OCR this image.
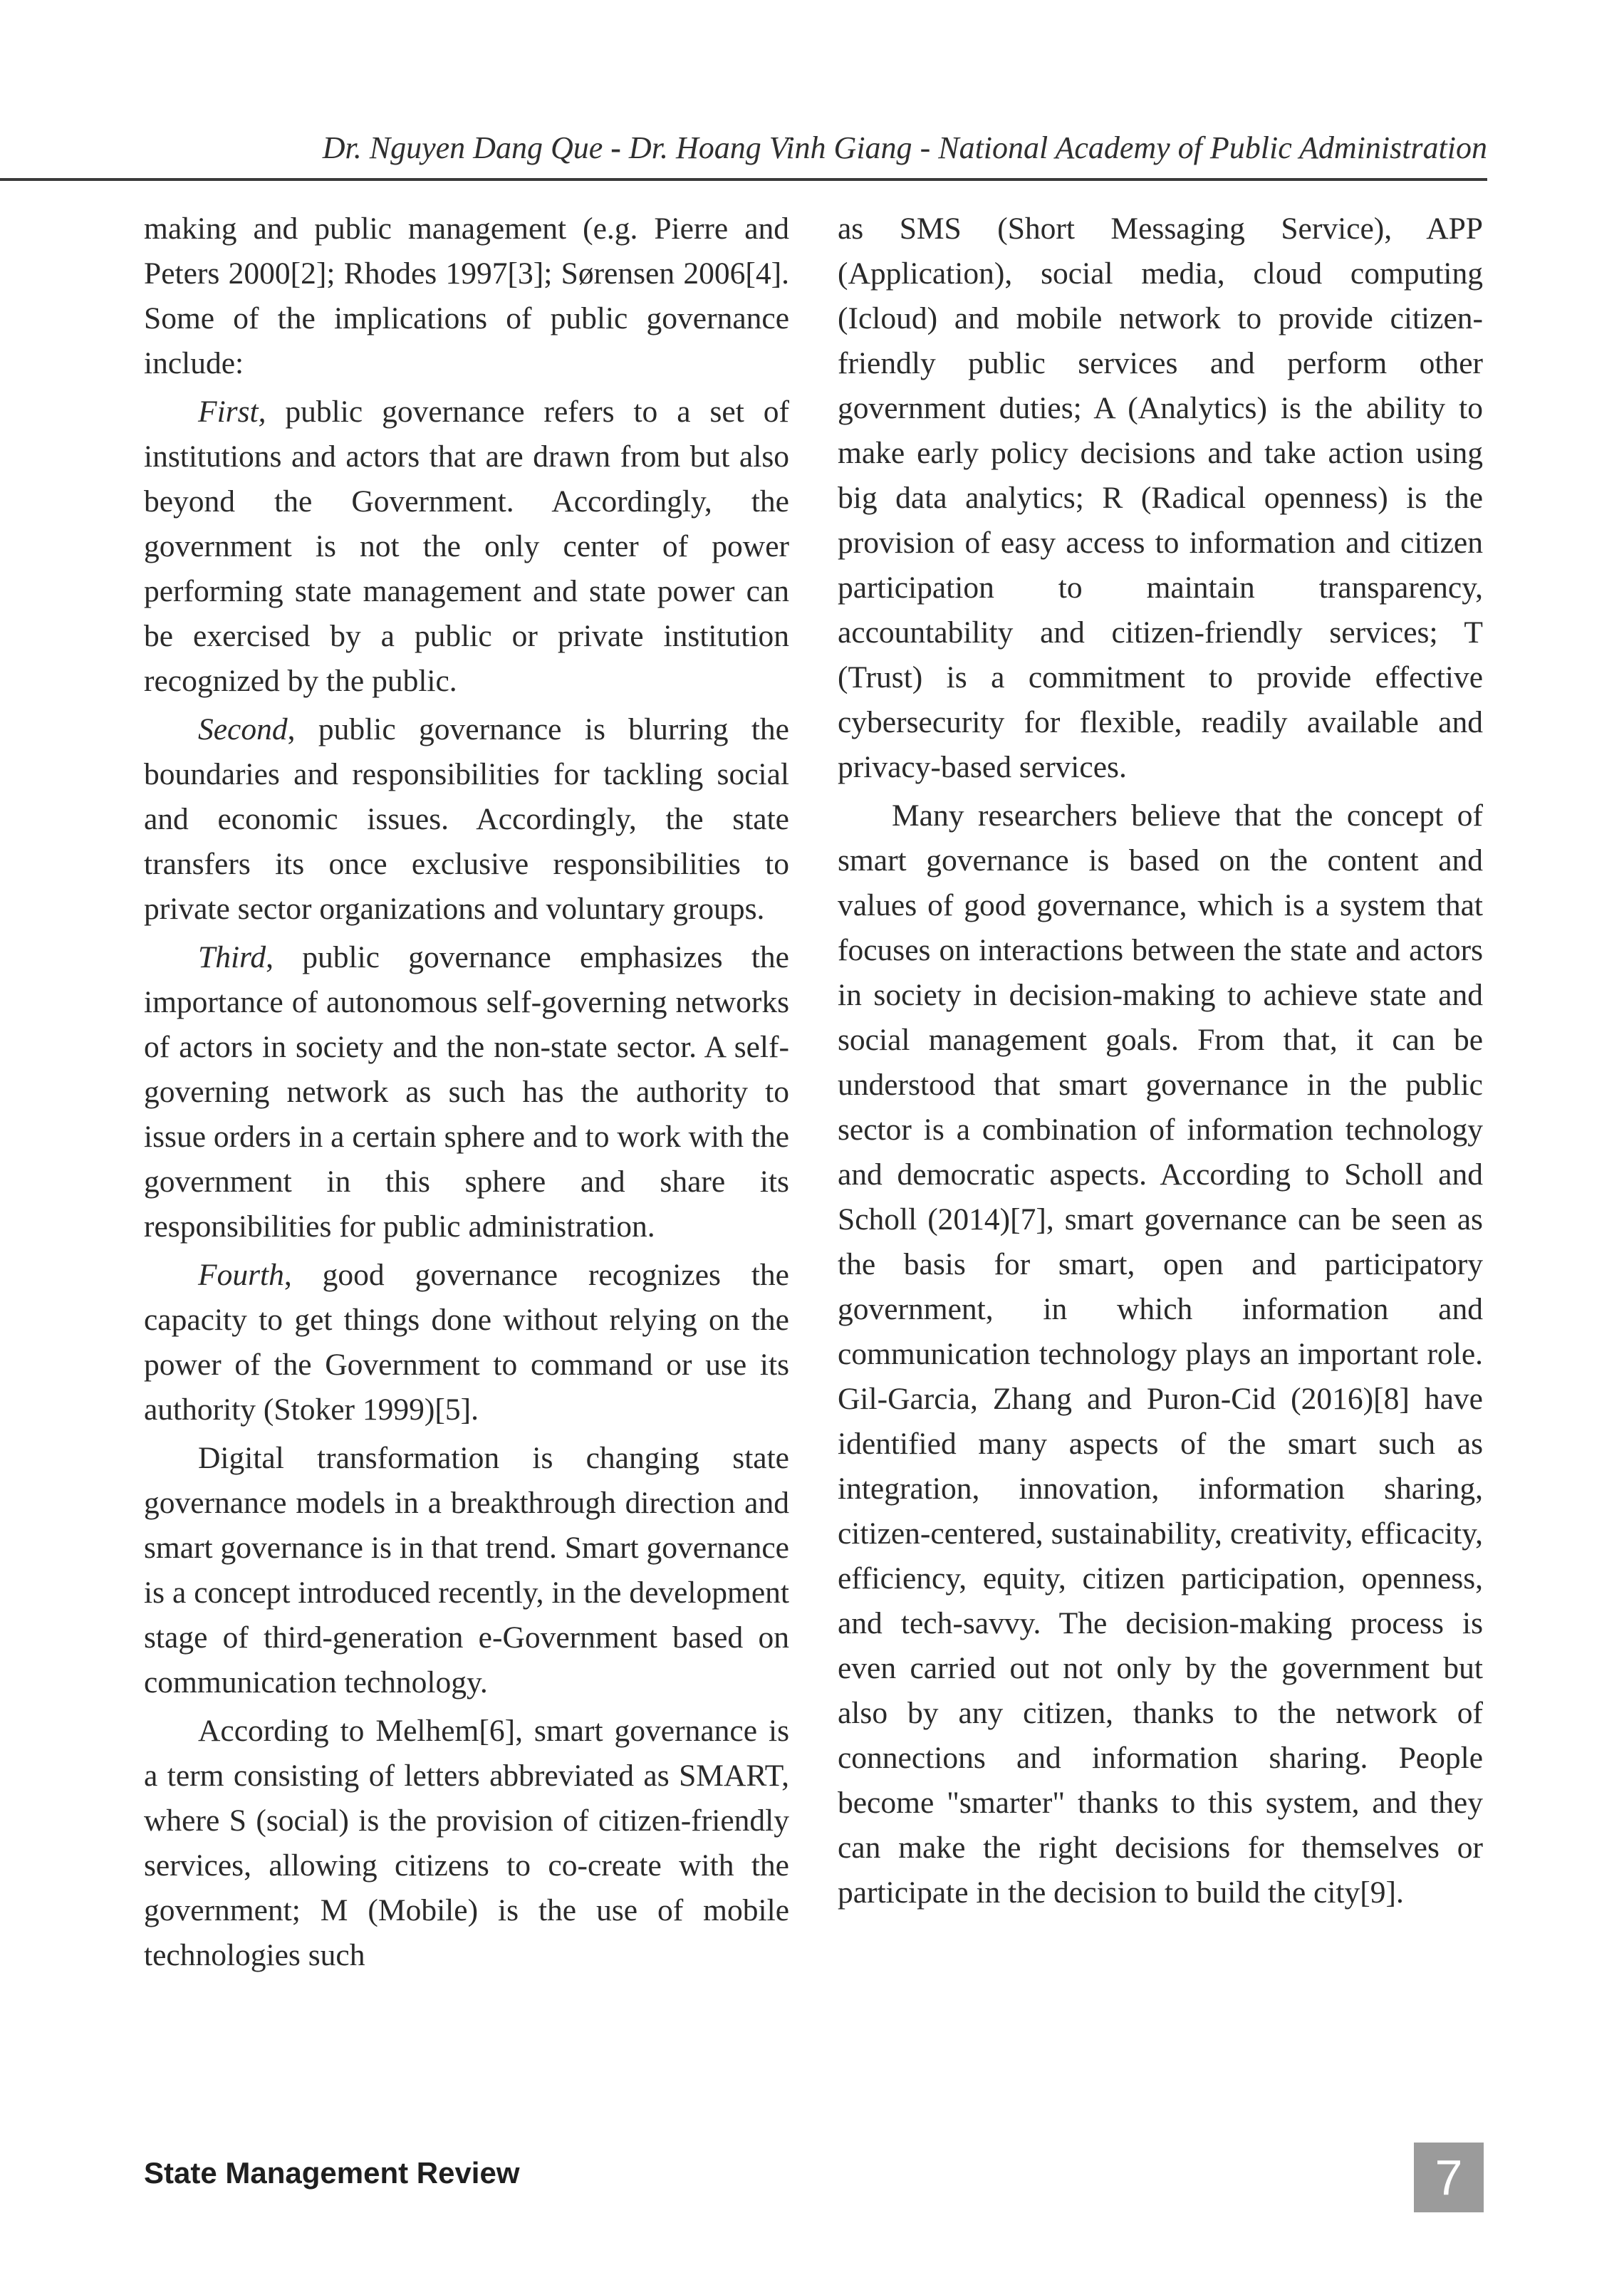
Dr. Nguyen Dang Que - Dr. Hoang Vinh Giang - National Academy of Public Administration

making and public management (e.g. Pierre and Peters 2000[2]; Rhodes 1997[3]; Sørensen 2006[4]. Some of the implications of public governance include:

First, public governance refers to a set of institutions and actors that are drawn from but also beyond the Government. Accordingly, the government is not the only center of power performing state management and state power can be exercised by a public or private institution recognized by the public.

Second, public governance is blurring the boundaries and responsibilities for tackling social and economic issues. Accordingly, the state transfers its once exclusive responsibilities to private sector organizations and voluntary groups.

Third, public governance emphasizes the importance of autonomous self-governing networks of actors in society and the non-state sector. A self-governing network as such has the authority to issue orders in a certain sphere and to work with the government in this sphere and share its responsibilities for public administration.

Fourth, good governance recognizes the capacity to get things done without relying on the power of the Government to command or use its authority (Stoker 1999)[5].

Digital transformation is changing state governance models in a breakthrough direction and smart governance is in that trend. Smart governance is a concept introduced recently, in the development stage of third-generation e-Government based on communication technology.

According to Melhem[6], smart governance is a term consisting of letters abbreviated as SMART, where S (social) is the provision of citizen-friendly services, allowing citizens to co-create with the government; M (Mobile) is the use of mobile technologies such

as SMS (Short Messaging Service), APP (Application), social media, cloud computing (Icloud) and mobile network to provide citizen-friendly public services and perform other government duties; A (Analytics) is the ability to make early policy decisions and take action using big data analytics; R (Radical openness) is the provision of easy access to information and citizen participation to maintain transparency, accountability and citizen-friendly services; T (Trust) is a commitment to provide effective cybersecurity for flexible, readily available and privacy-based services.

Many researchers believe that the concept of smart governance is based on the content and values of good governance, which is a system that focuses on interactions between the state and actors in society in decision-making to achieve state and social management goals. From that, it can be understood that smart governance in the public sector is a combination of information technology and democratic aspects. According to Scholl and Scholl (2014)[7], smart governance can be seen as the basis for smart, open and participatory government, in which information and communication technology plays an important role. Gil-Garcia, Zhang and Puron-Cid (2016)[8] have identified many aspects of the smart such as integration, innovation, information sharing, citizen-centered, sustainability, creativity, efficacity, efficiency, equity, citizen participation, openness, and tech-savvy. The decision-making process is even carried out not only by the government but also by any citizen, thanks to the network of connections and information sharing. People become "smarter" thanks to this system, and they can make the right decisions for themselves or participate in the decision to build the city[9].

State Management Review	7
